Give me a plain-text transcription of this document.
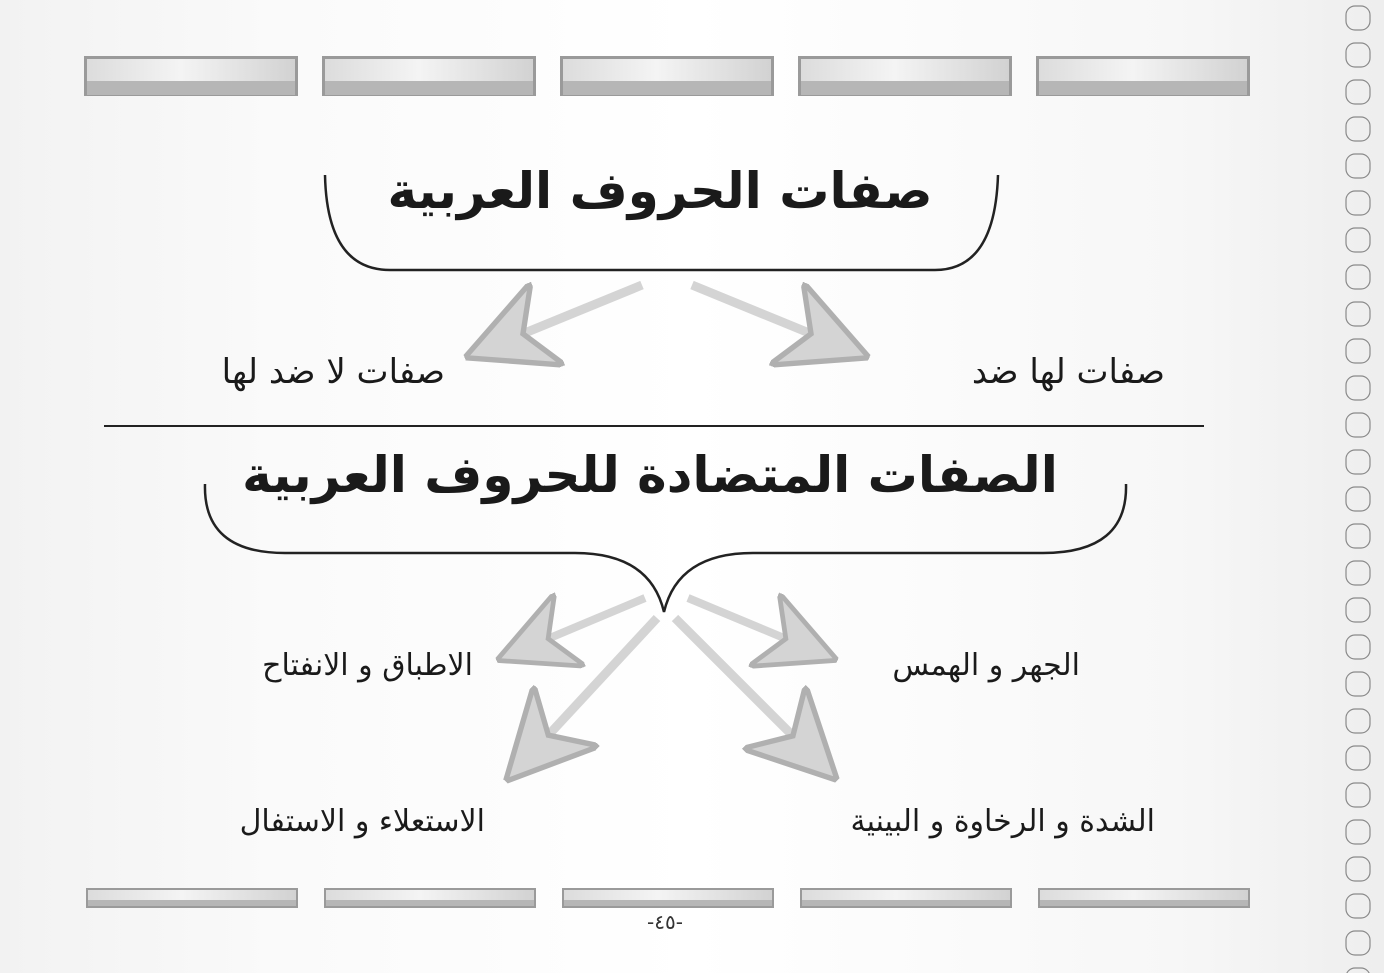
صفات الحروف العربية
صفات لها ضد
صفات لا ضد لها
الصفات المتضادة للحروف العربية
الجهر و الهمس
الاطباق و الانفتاح
الشدة و الرخاوة و البينية
الاستعلاء و الاستفال
-٤٥-
